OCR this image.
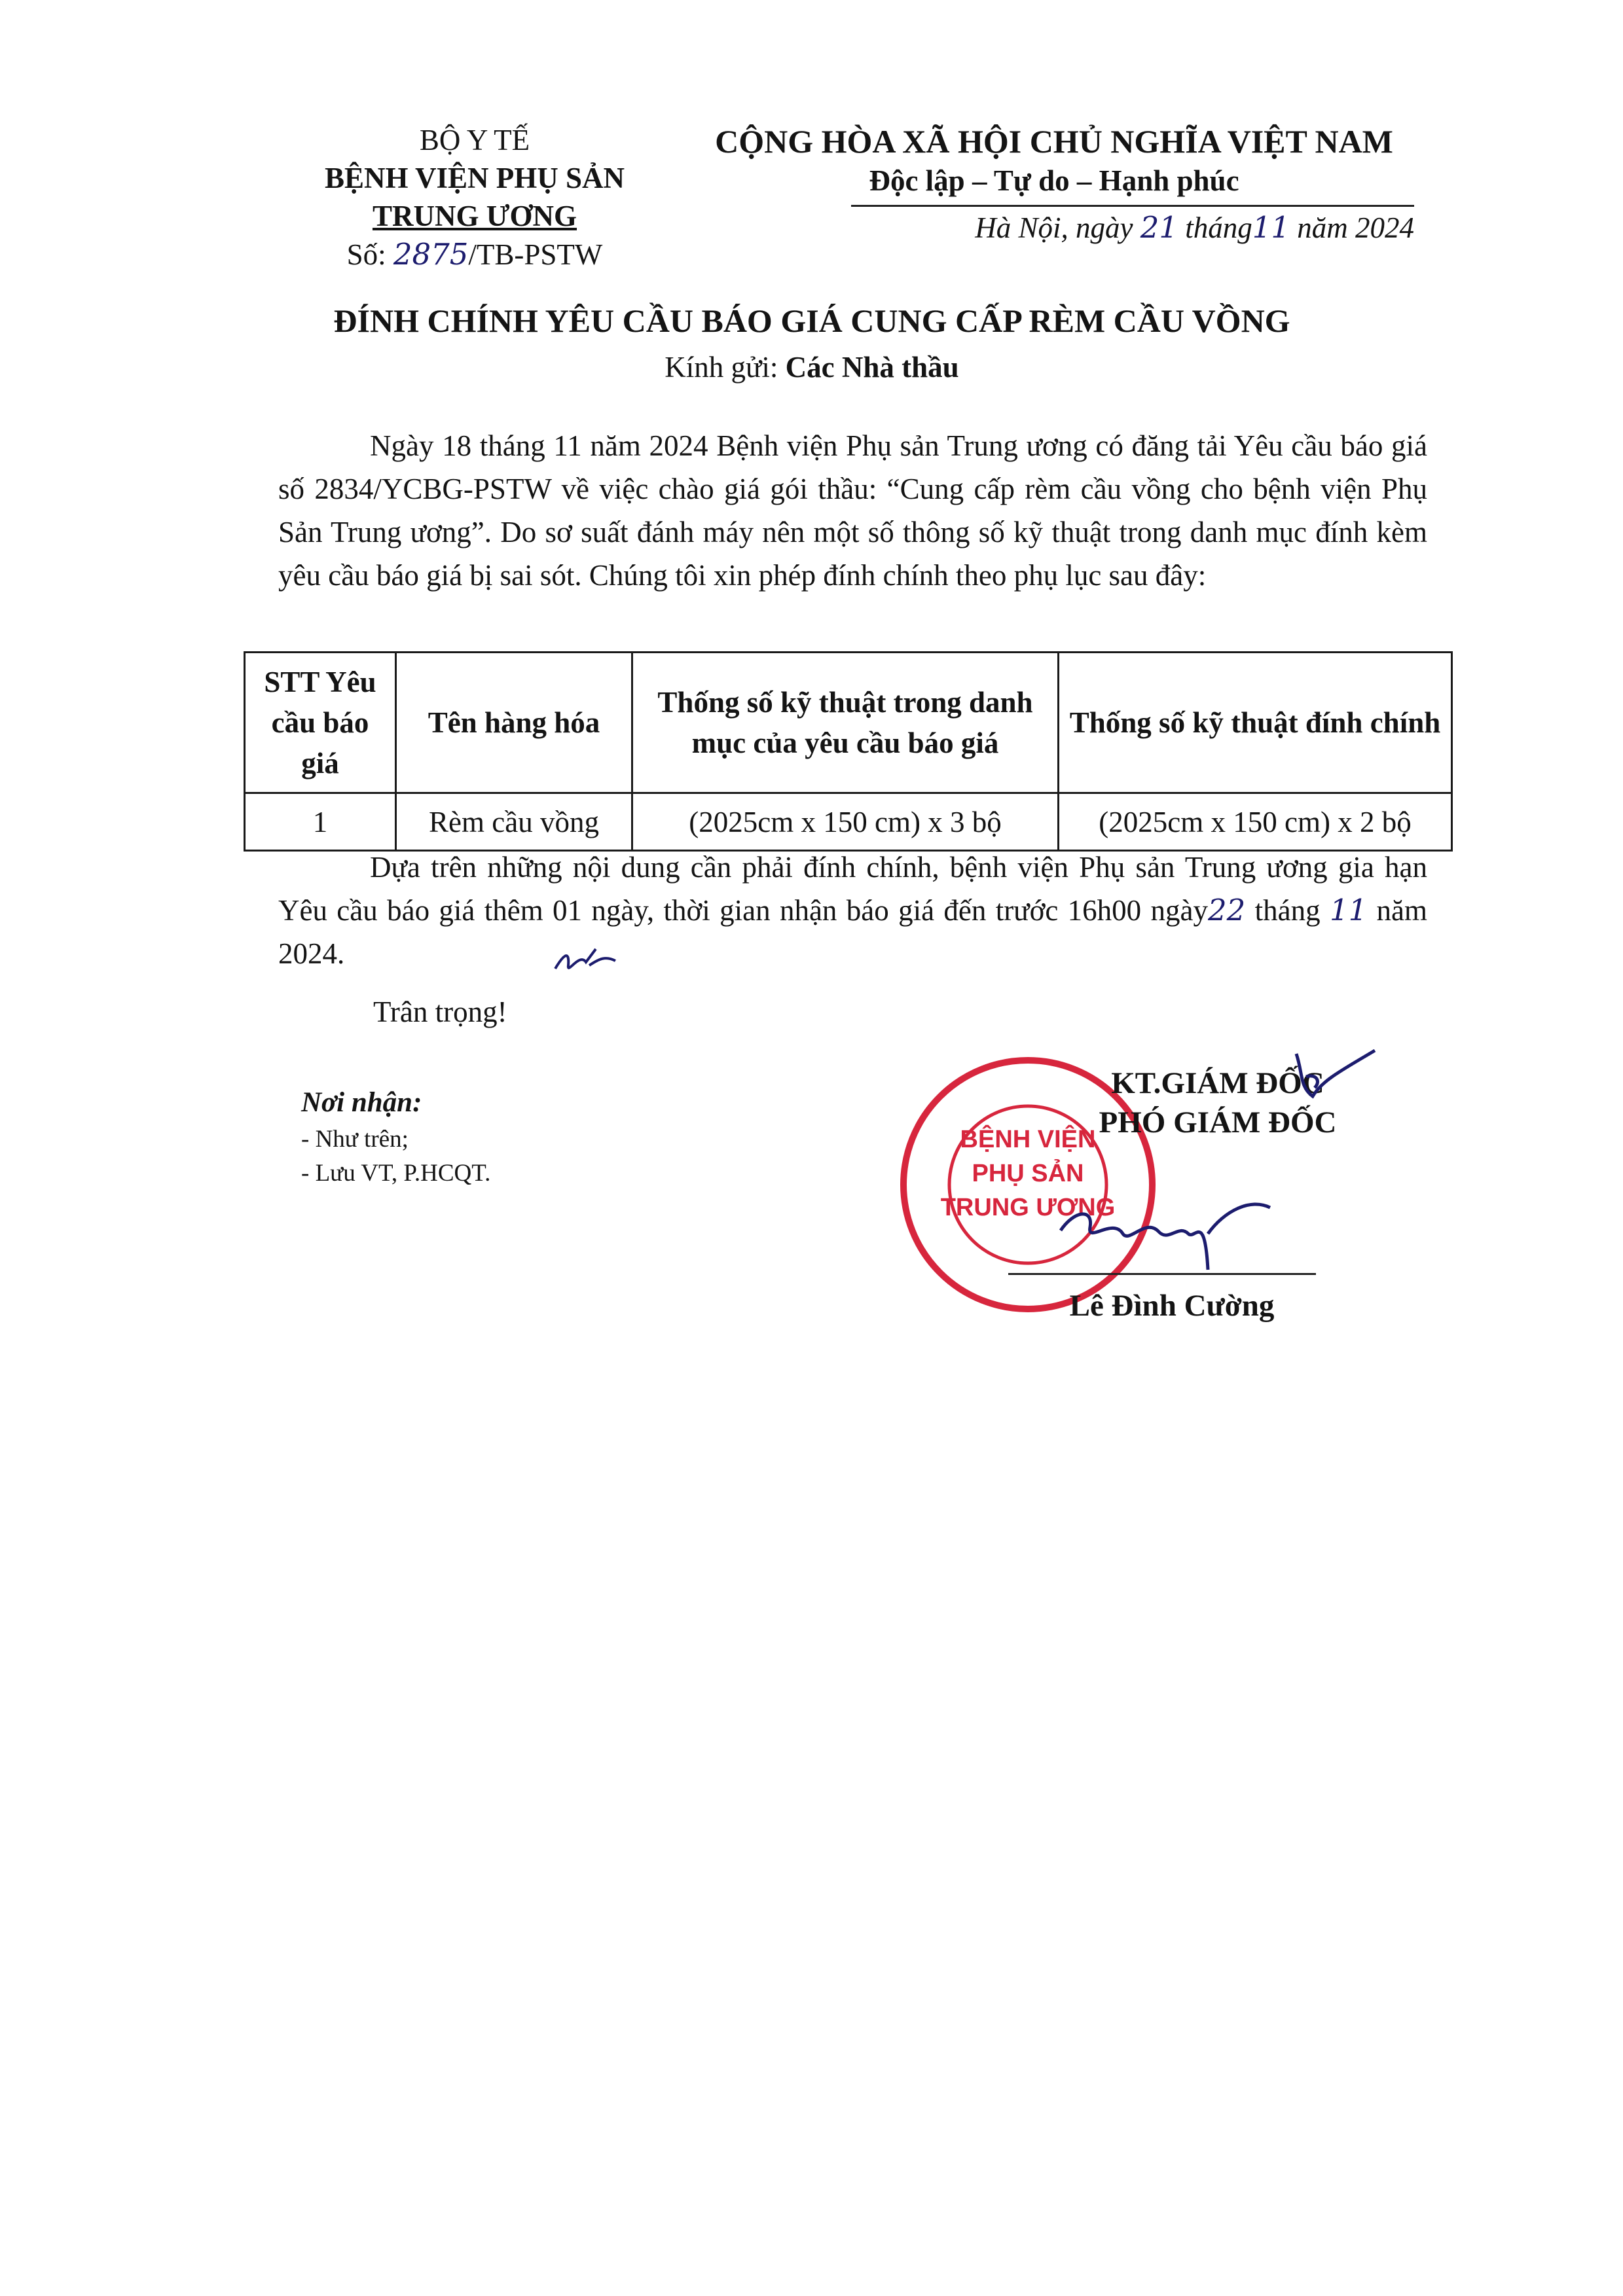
BỘ Y TẾ
BỆNH VIỆN PHỤ SẢN
TRUNG ƯƠNG
Số: 2875/TB-PSTW
CỘNG HÒA XÃ HỘI CHỦ NGHĨA VIỆT NAM
Độc lập – Tự do – Hạnh phúc
Hà Nội, ngày 21 tháng11 năm 2024
ĐÍNH CHÍNH YÊU CẦU BÁO GIÁ CUNG CẤP RÈM CẦU VỒNG
Kính gửi: Các Nhà thầu
Ngày 18 tháng 11 năm 2024 Bệnh viện Phụ sản Trung ương có đăng tải Yêu cầu báo giá số 2834/YCBG-PSTW về việc chào giá gói thầu: “Cung cấp rèm cầu vồng cho bệnh viện Phụ Sản Trung ương”. Do sơ suất đánh máy nên một số thông số kỹ thuật trong danh mục đính kèm yêu cầu báo giá bị sai sót. Chúng tôi xin phép đính chính theo phụ lục sau đây:
STT Yêu cầu báo giá	Tên hàng hóa	Thống số kỹ thuật trong danh mục của yêu cầu báo giá	Thống số kỹ thuật đính chính
1	Rèm cầu vồng	(2025cm x 150 cm) x 3 bộ	(2025cm x 150 cm) x 2 bộ
Dựa trên những nội dung cần phải đính chính, bệnh viện Phụ sản Trung ương gia hạn Yêu cầu báo giá thêm 01 ngày, thời gian nhận báo giá đến trước 16h00 ngày22 tháng 11 năm 2024.
Trân trọng!
Nơi nhận:
- Như trên;
- Lưu VT, P.HCQT.
BỆNH VIỆN
PHỤ SẢN
TRUNG ƯƠNG
KT.GIÁM ĐỐC
PHÓ GIÁM ĐỐC
Lê Đình Cường
